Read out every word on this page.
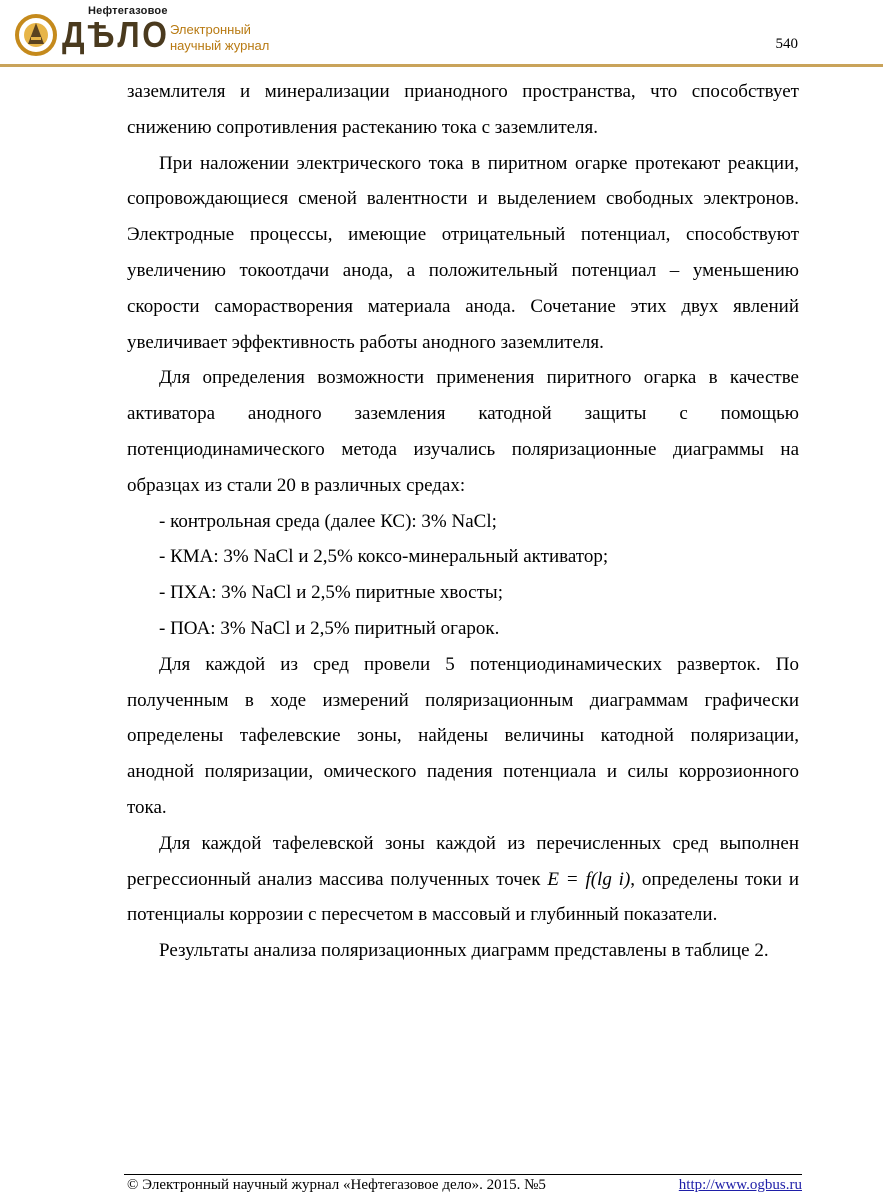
Нефтегазовое
ДѢЛО Электронный
научный журнал	540

заземлителя и минерализации прианодного пространства, что способствует снижению сопротивления растеканию тока с заземлителя.

При наложении электрического тока в пиритном огарке протекают реакции, сопровождающиеся сменой валентности и выделением свободных электронов. Электродные процессы, имеющие отрицательный потенциал, способствуют увеличению токоотдачи анода, а положительный потенциал – уменьшению скорости саморастворения материала анода. Сочетание этих двух явлений увеличивает эффективность работы анодного заземлителя.

Для определения возможности применения пиритного огарка в качестве активатора анодного заземления катодной защиты с помощью потенциодинамического метода изучались поляризационные диаграммы на образцах из стали 20 в различных средах:

- контрольная среда (далее КС): 3% NaCl;

- КМА: 3% NaCl и 2,5% коксо-минеральный активатор;

- ПХА: 3% NaCl и 2,5% пиритные хвосты;

- ПОА: 3% NaCl и 2,5% пиритный огарок.

Для каждой из сред провели 5 потенциодинамических разверток. По полученным в ходе измерений поляризационным диаграммам графически определены тафелевские зоны, найдены величины катодной поляризации, анодной поляризации, омического падения потенциала и силы коррозионного тока.

Для каждой тафелевской зоны каждой из перечисленных сред выполнен регрессионный анализ массива полученных точек E = f(lg i), определены токи и потенциалы коррозии с пересчетом в массовый и глубинный показатели.

Результаты анализа поляризационных диаграмм представлены в таблице 2.

© Электронный научный журнал «Нефтегазовое дело». 2015. №5	http://www.ogbus.ru
